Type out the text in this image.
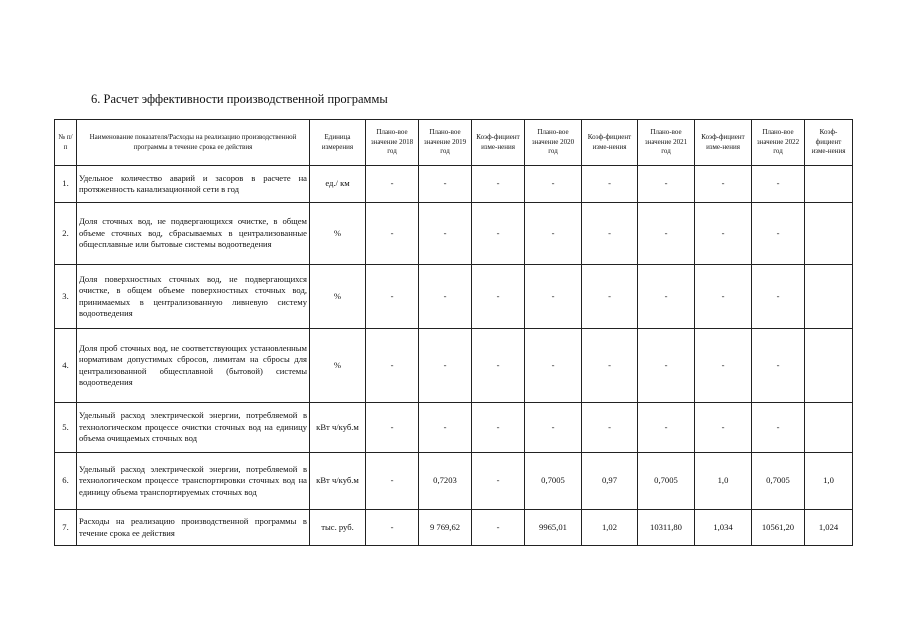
6. Расчет эффективности производственной программы
№ п/п	Наименование показателя/Расходы на реализацию производственной программы в течение срока ее действия	Единица измерения	Плано-вое значение 2018 год	Плано-вое значение 2019 год	Коэф-фициент изме-нения	Плано-вое значение 2020 год	Коэф-фициент изме-нения	Плано-вое значение 2021 год	Коэф-фициент изме-нения	Плано-вое значение 2022 год	Коэф-фициент изме-нения
1.	Удельное количество аварий и засоров в расчете на протяженность канализационной сети в год	ед./ км	-	-	-	-	-	-	-	-	
2.	Доля сточных вод, не подвергающихся очистке, в общем объеме сточных вод, сбрасываемых в централизованные общесплавные или бытовые системы водоотведения	%	-	-	-	-	-	-	-	-	
3.	Доля поверхностных сточных вод, не подвергающихся очистке, в общем объеме поверхностных сточных вод, принимаемых в централизованную ливневую систему водоотведения	%	-	-	-	-	-	-	-	-	
4.	Доля проб сточных вод, не соответствующих установленным нормативам допустимых сбросов, лимитам на сбросы для централизованной общесплавной (бытовой) системы водоотведения	%	-	-	-	-	-	-	-	-	
5.	Удельный расход электрической энергии, потребляемой в технологическом процессе очистки сточных вод на единицу объема очищаемых сточных вод	кВт ч/куб.м	-	-	-	-	-	-	-	-	
6.	Удельный расход электрической энергии, потребляемой в технологическом процессе транспортировки сточных вод на единицу объема транспортируемых сточных вод	кВт ч/куб.м	-	0,7203	-	0,7005	0,97	0,7005	1,0	0,7005	1,0
7.	Расходы на реализацию производственной программы в течение срока ее действия	тыс. руб.	-	9 769,62	-	9965,01	1,02	10311,80	1,034	10561,20	1,024
